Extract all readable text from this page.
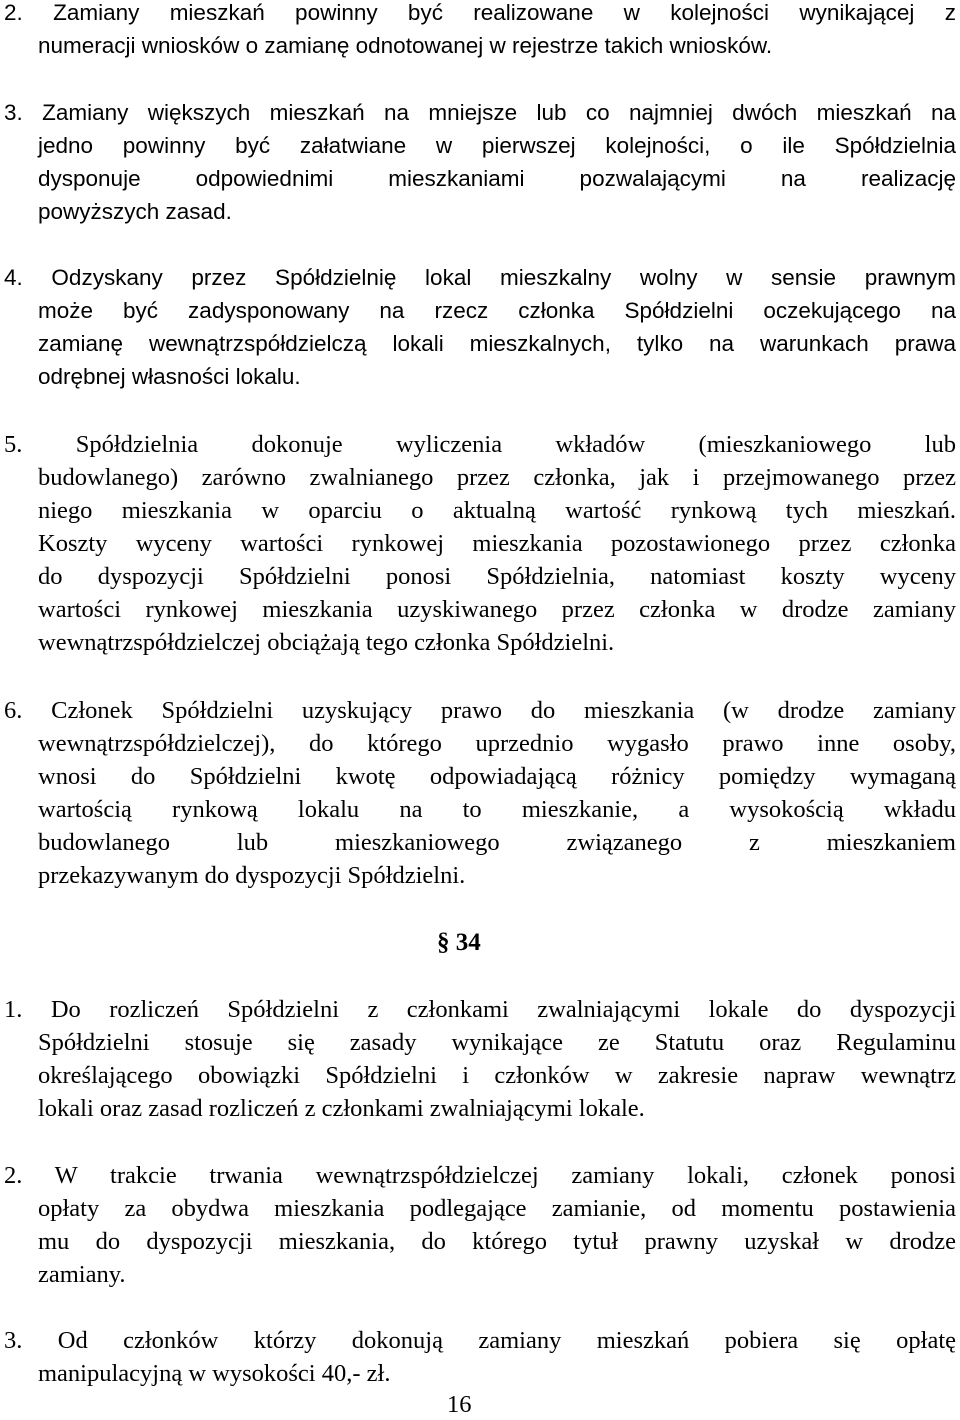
2. Zamiany mieszkań powinny być realizowane w kolejności wynikającej z
numeracji wniosków o zamianę odnotowanej w rejestrze takich wniosków.
3. Zamiany większych mieszkań na mniejsze lub co najmniej dwóch mieszkań na
jedno powinny być załatwiane w pierwszej kolejności, o ile Spółdzielnia
dysponuje odpowiednimi mieszkaniami pozwalającymi na realizację
powyższych zasad.
4. Odzyskany przez Spółdzielnię lokal mieszkalny wolny w sensie prawnym
może być zadysponowany na rzecz członka Spółdzielni oczekującego na
zamianę wewnątrzspółdzielczą lokali mieszkalnych, tylko na warunkach prawa
odrębnej własności lokalu.
5. Spółdzielnia dokonuje wyliczenia wkładów (mieszkaniowego lub
budowlanego) zarówno zwalnianego przez członka, jak i przejmowanego przez
niego mieszkania w oparciu o aktualną wartość rynkową tych mieszkań.
Koszty wyceny wartości rynkowej mieszkania pozostawionego przez członka
do dyspozycji Spółdzielni ponosi Spółdzielnia, natomiast koszty wyceny
wartości rynkowej mieszkania uzyskiwanego przez członka w drodze zamiany
wewnątrzspółdzielczej obciążają tego członka Spółdzielni.
6. Członek Spółdzielni uzyskujący prawo do mieszkania (w drodze zamiany
wewnątrzspółdzielczej), do którego uprzednio wygasło prawo inne osoby,
wnosi do Spółdzielni kwotę odpowiadającą różnicy pomiędzy wymaganą
wartością rynkową lokalu na to mieszkanie, a wysokością wkładu
budowlanego lub mieszkaniowego związanego z mieszkaniem
przekazywanym do dyspozycji Spółdzielni.
§ 34
1. Do rozliczeń Spółdzielni z członkami zwalniającymi lokale do dyspozycji
Spółdzielni stosuje się zasady wynikające ze Statutu oraz Regulaminu
określającego obowiązki Spółdzielni i członków w zakresie napraw wewnątrz
lokali oraz zasad rozliczeń z członkami zwalniającymi lokale.
2. W trakcie trwania wewnątrzspółdzielczej zamiany lokali, członek ponosi
opłaty za obydwa mieszkania podlegające zamianie, od momentu postawienia
mu do dyspozycji mieszkania, do którego tytuł prawny uzyskał w drodze
zamiany.
3. Od członków którzy dokonują zamiany mieszkań pobiera się opłatę
manipulacyjną w wysokości 40,- zł.
16
